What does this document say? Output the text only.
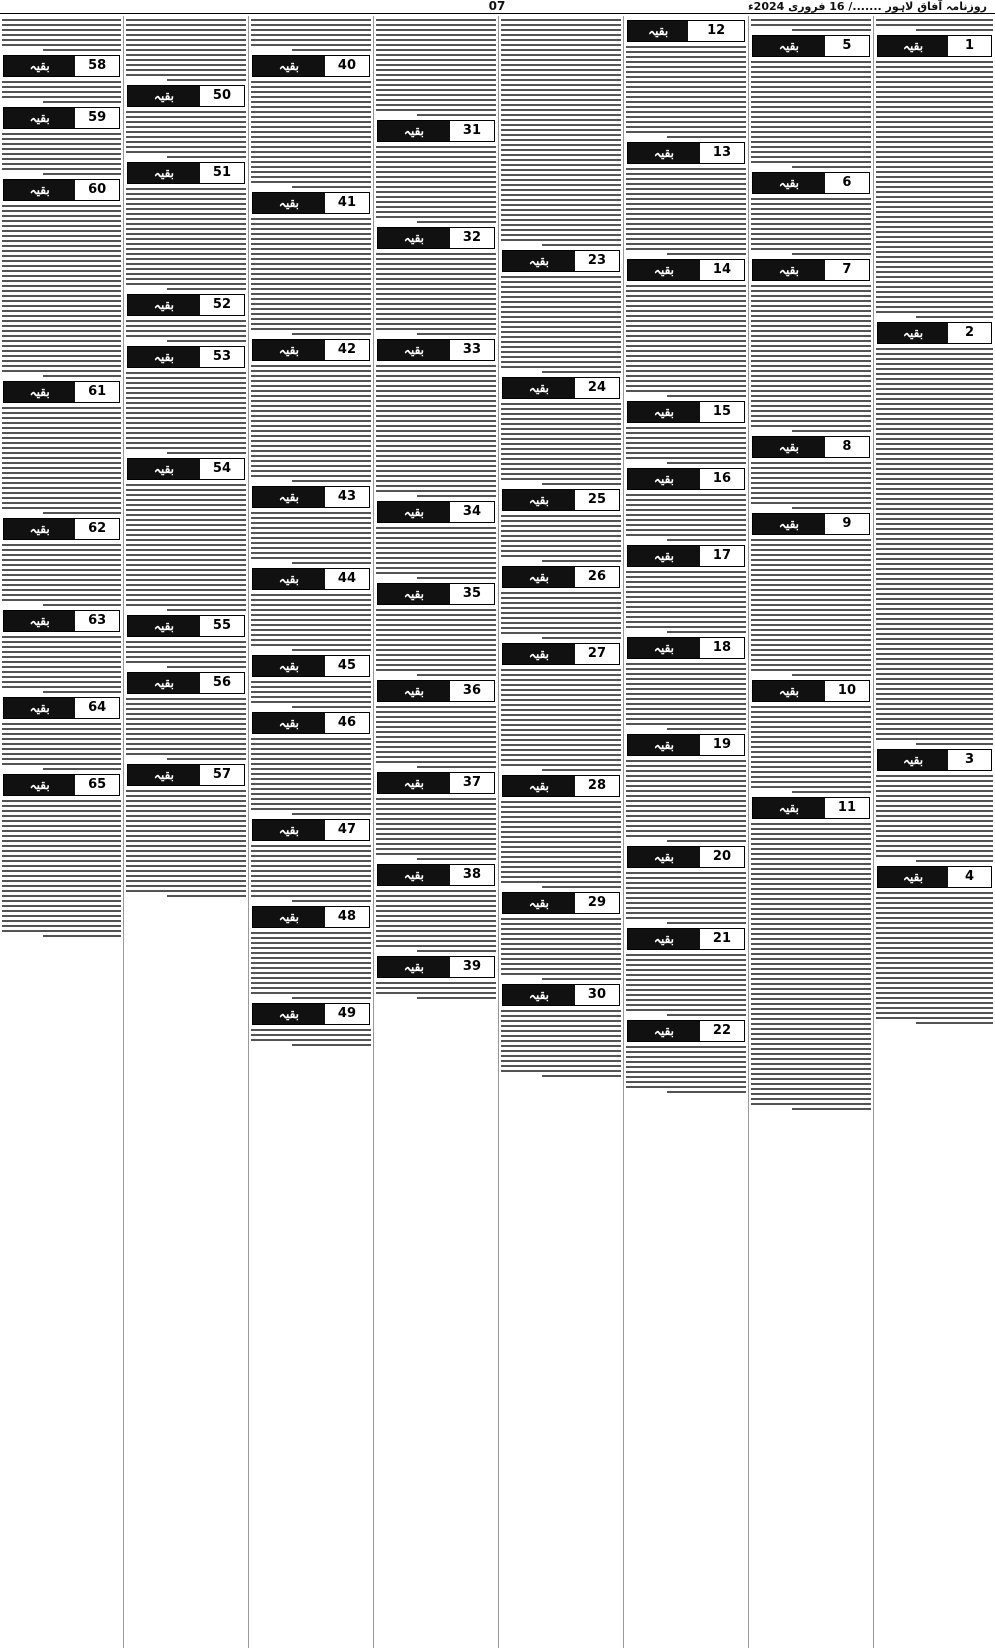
07	روزنامہ آفاق لاہور ......./ 16 فروری 2024ء
بقیہ	1
بقیہ	2
بقیہ	3
بقیہ	4
بقیہ	5
بقیہ	6
بقیہ	7
بقیہ	8
بقیہ	9
بقیہ	10
بقیہ	11
بقیہ	12
بقیہ	13
بقیہ	14
بقیہ	15
بقیہ	16
بقیہ	17
بقیہ	18
بقیہ	19
بقیہ	20
بقیہ	21
بقیہ	22
بقیہ	23
بقیہ	24
بقیہ	25
بقیہ	26
بقیہ	27
بقیہ	28
بقیہ	29
بقیہ	30
بقیہ	31
بقیہ	32
بقیہ	33
بقیہ	34
بقیہ	35
بقیہ	36
بقیہ	37
بقیہ	38
بقیہ	39
بقیہ	40
بقیہ	41
بقیہ	42
بقیہ	43
بقیہ	44
بقیہ	45
بقیہ	46
بقیہ	47
بقیہ	48
بقیہ	49
بقیہ	50
بقیہ	51
بقیہ	52
بقیہ	53
بقیہ	54
بقیہ	55
بقیہ	56
بقیہ	57
بقیہ	58
بقیہ	59
بقیہ	60
بقیہ	61
بقیہ	62
بقیہ	63
بقیہ	64
بقیہ	65
